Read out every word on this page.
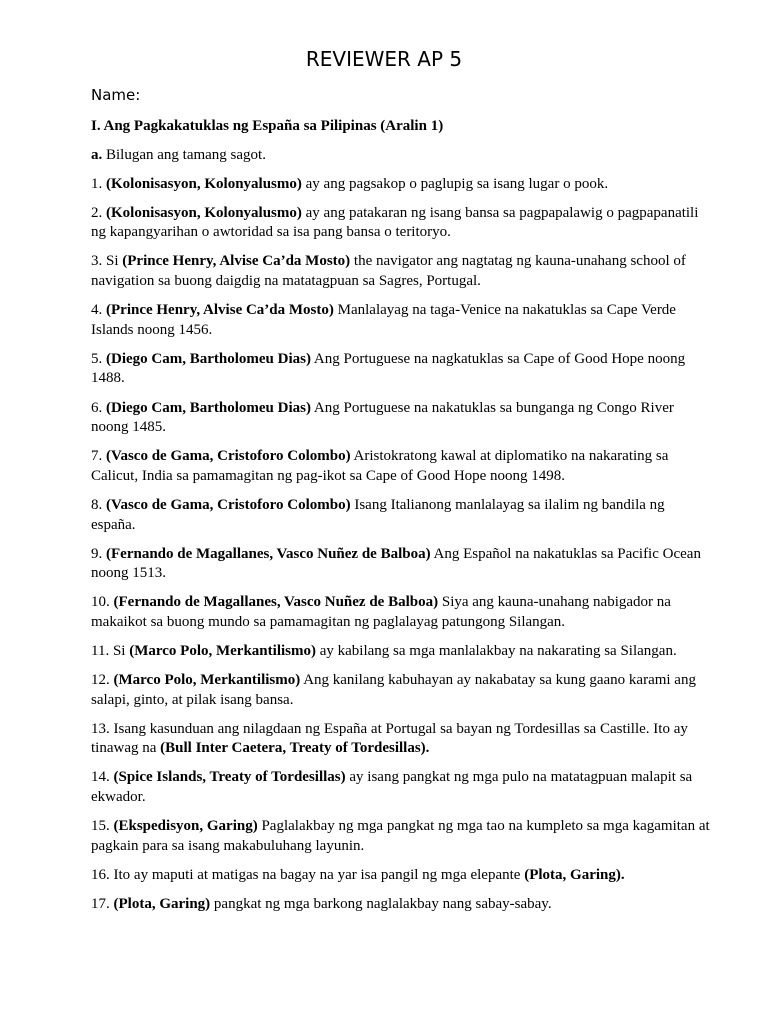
REVIEWER AP 5
Name:
I. Ang Pagkakatuklas ng España sa Pilipinas (Aralin 1)
a. Bilugan ang tamang sagot.
1. (Kolonisasyon, Kolonyalusmo) ay ang pagsakop o paglupig sa isang lugar o pook.
2. (Kolonisasyon, Kolonyalusmo) ay ang patakaran ng isang bansa sa pagpapalawig o pagpapanatili ng kapangyarihan o awtoridad sa isa pang bansa o teritoryo.
3. Si (Prince Henry, Alvise Ca’da Mosto) the navigator ang nagtatag ng kauna-unahang school of navigation sa buong daigdig na matatagpuan sa Sagres, Portugal.
4. (Prince Henry, Alvise Ca’da Mosto) Manlalayag na taga-Venice na nakatuklas sa Cape Verde Islands noong 1456.
5. (Diego Cam, Bartholomeu Dias) Ang Portuguese na nagkatuklas sa Cape of Good Hope noong 1488.
6. (Diego Cam, Bartholomeu Dias) Ang Portuguese na nakatuklas sa bunganga ng Congo River noong 1485.
7. (Vasco de Gama, Cristoforo Colombo) Aristokratong kawal at diplomatiko na nakarating sa Calicut, India sa pamamagitan ng pag-ikot sa Cape of Good Hope noong 1498.
8. (Vasco de Gama, Cristoforo Colombo) Isang Italianong manlalayag sa ilalim ng bandila ng españa.
9. (Fernando de Magallanes, Vasco Nuñez de Balboa) Ang Español na nakatuklas sa Pacific Ocean noong 1513.
10. (Fernando de Magallanes, Vasco Nuñez de Balboa) Siya ang kauna-unahang nabigador na makaikot sa buong mundo sa pamamagitan ng paglalayag patungong Silangan.
11. Si (Marco Polo, Merkantilismo) ay kabilang sa mga manlalakbay na nakarating sa Silangan.
12. (Marco Polo, Merkantilismo) Ang kanilang kabuhayan ay nakabatay sa kung gaano karami ang salapi, ginto, at pilak isang bansa.
13. Isang kasunduan ang nilagdaan ng España at Portugal sa bayan ng Tordesillas sa Castille. Ito ay tinawag na (Bull Inter Caetera, Treaty of Tordesillas).
14. (Spice Islands, Treaty of Tordesillas) ay isang pangkat ng mga pulo na matatagpuan malapit sa ekwador.
15. (Ekspedisyon, Garing) Paglalakbay ng mga pangkat ng mga tao na kumpleto sa mga kagamitan at pagkain para sa isang makabuluhang layunin.
16. Ito ay maputi at matigas na bagay na yar isa pangil ng mga elepante (Plota, Garing).
17. (Plota, Garing) pangkat ng mga barkong naglalakbay nang sabay-sabay.
